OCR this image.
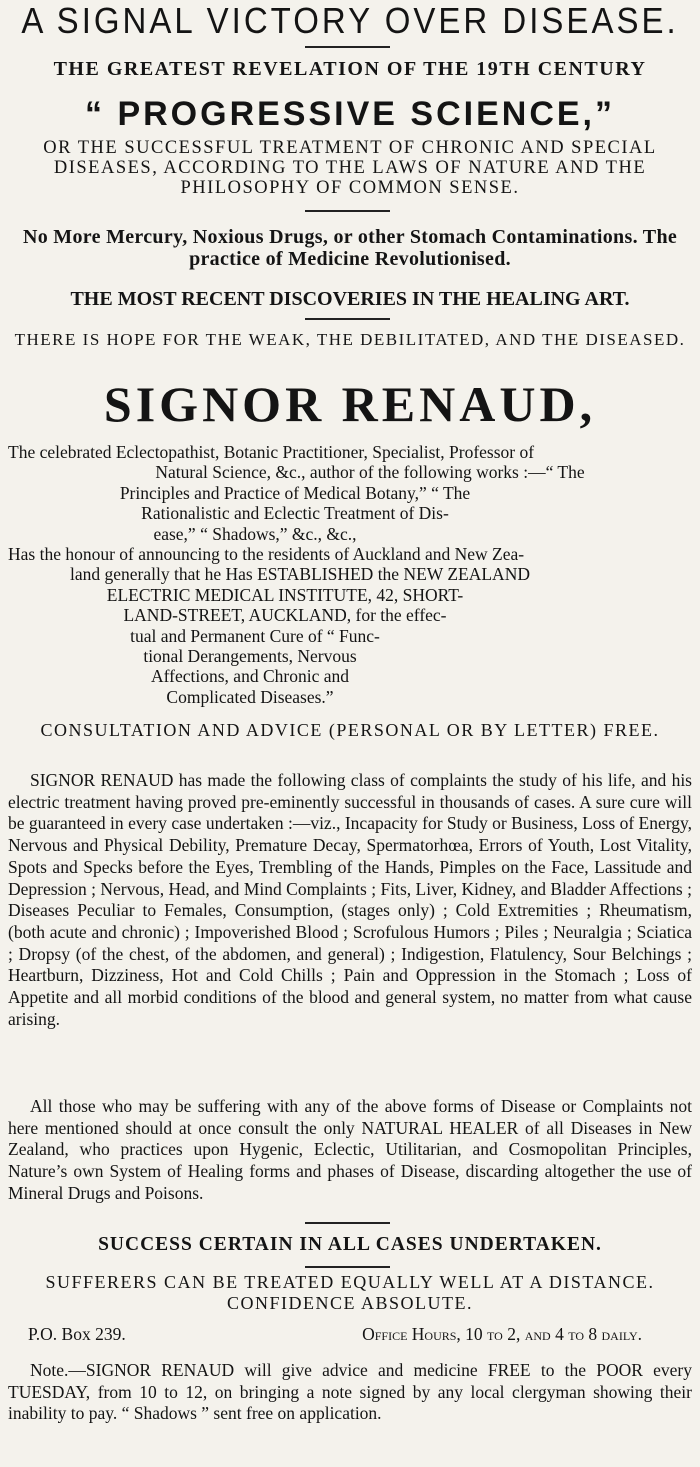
A SIGNAL VICTORY OVER DISEASE.
THE GREATEST REVELATION OF THE 19TH CENTURY
“ PROGRESSIVE SCIENCE,”
OR THE SUCCESSFUL TREATMENT OF CHRONIC AND SPECIAL DISEASES, ACCORDING TO THE LAWS OF NATURE AND THE PHILOSOPHY OF COMMON SENSE.
No More Mercury, Noxious Drugs, or other Stomach Contaminations. The practice of Medicine Revolutionised.
THE MOST RECENT DISCOVERIES IN THE HEALING ART.
THERE IS HOPE FOR THE WEAK, THE DEBILITATED, AND THE DISEASED.
SIGNOR RENAUD,
The celebrated Eclectopathist, Botanic Practitioner, Specialist, Professor of
Natural Science, &c., author of the following works :—“ The
Principles and Practice of Medical Botany,” “ The
Rationalistic and Eclectic Treatment of Dis-
ease,” “ Shadows,” &c., &c.,
Has the honour of announcing to the residents of Auckland and New Zea-
land generally that he Has ESTABLISHED the NEW ZEALAND
ELECTRIC MEDICAL INSTITUTE, 42, SHORT-
LAND-STREET, AUCKLAND, for the effec-
tual and Permanent Cure of “ Func-
tional Derangements, Nervous
Affections, and Chronic and
Complicated Diseases.”
CONSULTATION AND ADVICE (PERSONAL OR BY LETTER) FREE.
SIGNOR RENAUD has made the following class of complaints the study of his life, and his electric treatment having proved pre-eminently successful in thousands of cases. A sure cure will be guaranteed in every case undertaken :—viz., Incapacity for Study or Business, Loss of Energy, Nervous and Physical Debility, Premature Decay, Spermatorhœa, Errors of Youth, Lost Vitality, Spots and Specks before the Eyes, Trembling of the Hands, Pimples on the Face, Lassitude and Depression ; Nervous, Head, and Mind Complaints ; Fits, Liver, Kidney, and Bladder Affections ; Diseases Peculiar to Females, Consumption, (stages only) ; Cold Extremities ; Rheumatism, (both acute and chronic) ; Impoverished Blood ; Scrofulous Humors ; Piles ; Neuralgia ; Sciatica ; Dropsy (of the chest, of the abdomen, and general) ; Indigestion, Flatulency, Sour Belchings ; Heartburn, Dizziness, Hot and Cold Chills ; Pain and Oppression in the Stomach ; Loss of Appetite and all morbid conditions of the blood and general system, no matter from what cause arising.
All those who may be suffering with any of the above forms of Disease or Complaints not here mentioned should at once consult the only NATURAL HEALER of all Diseases in New Zealand, who practices upon Hygenic, Eclectic, Utilitarian, and Cosmopolitan Principles, Nature’s own System of Healing forms and phases of Disease, discarding altogether the use of Mineral Drugs and Poisons.
SUCCESS CERTAIN IN ALL CASES UNDERTAKEN.
SUFFERERS CAN BE TREATED EQUALLY WELL AT A DISTANCE. CONFIDENCE ABSOLUTE.
P.O. Box 239.	Office Hours, 10 to 2, and 4 to 8 daily.
Note.—SIGNOR RENAUD will give advice and medicine FREE to the POOR every TUESDAY, from 10 to 12, on bringing a note signed by any local clergyman showing their inability to pay. “ Shadows ” sent free on application.
